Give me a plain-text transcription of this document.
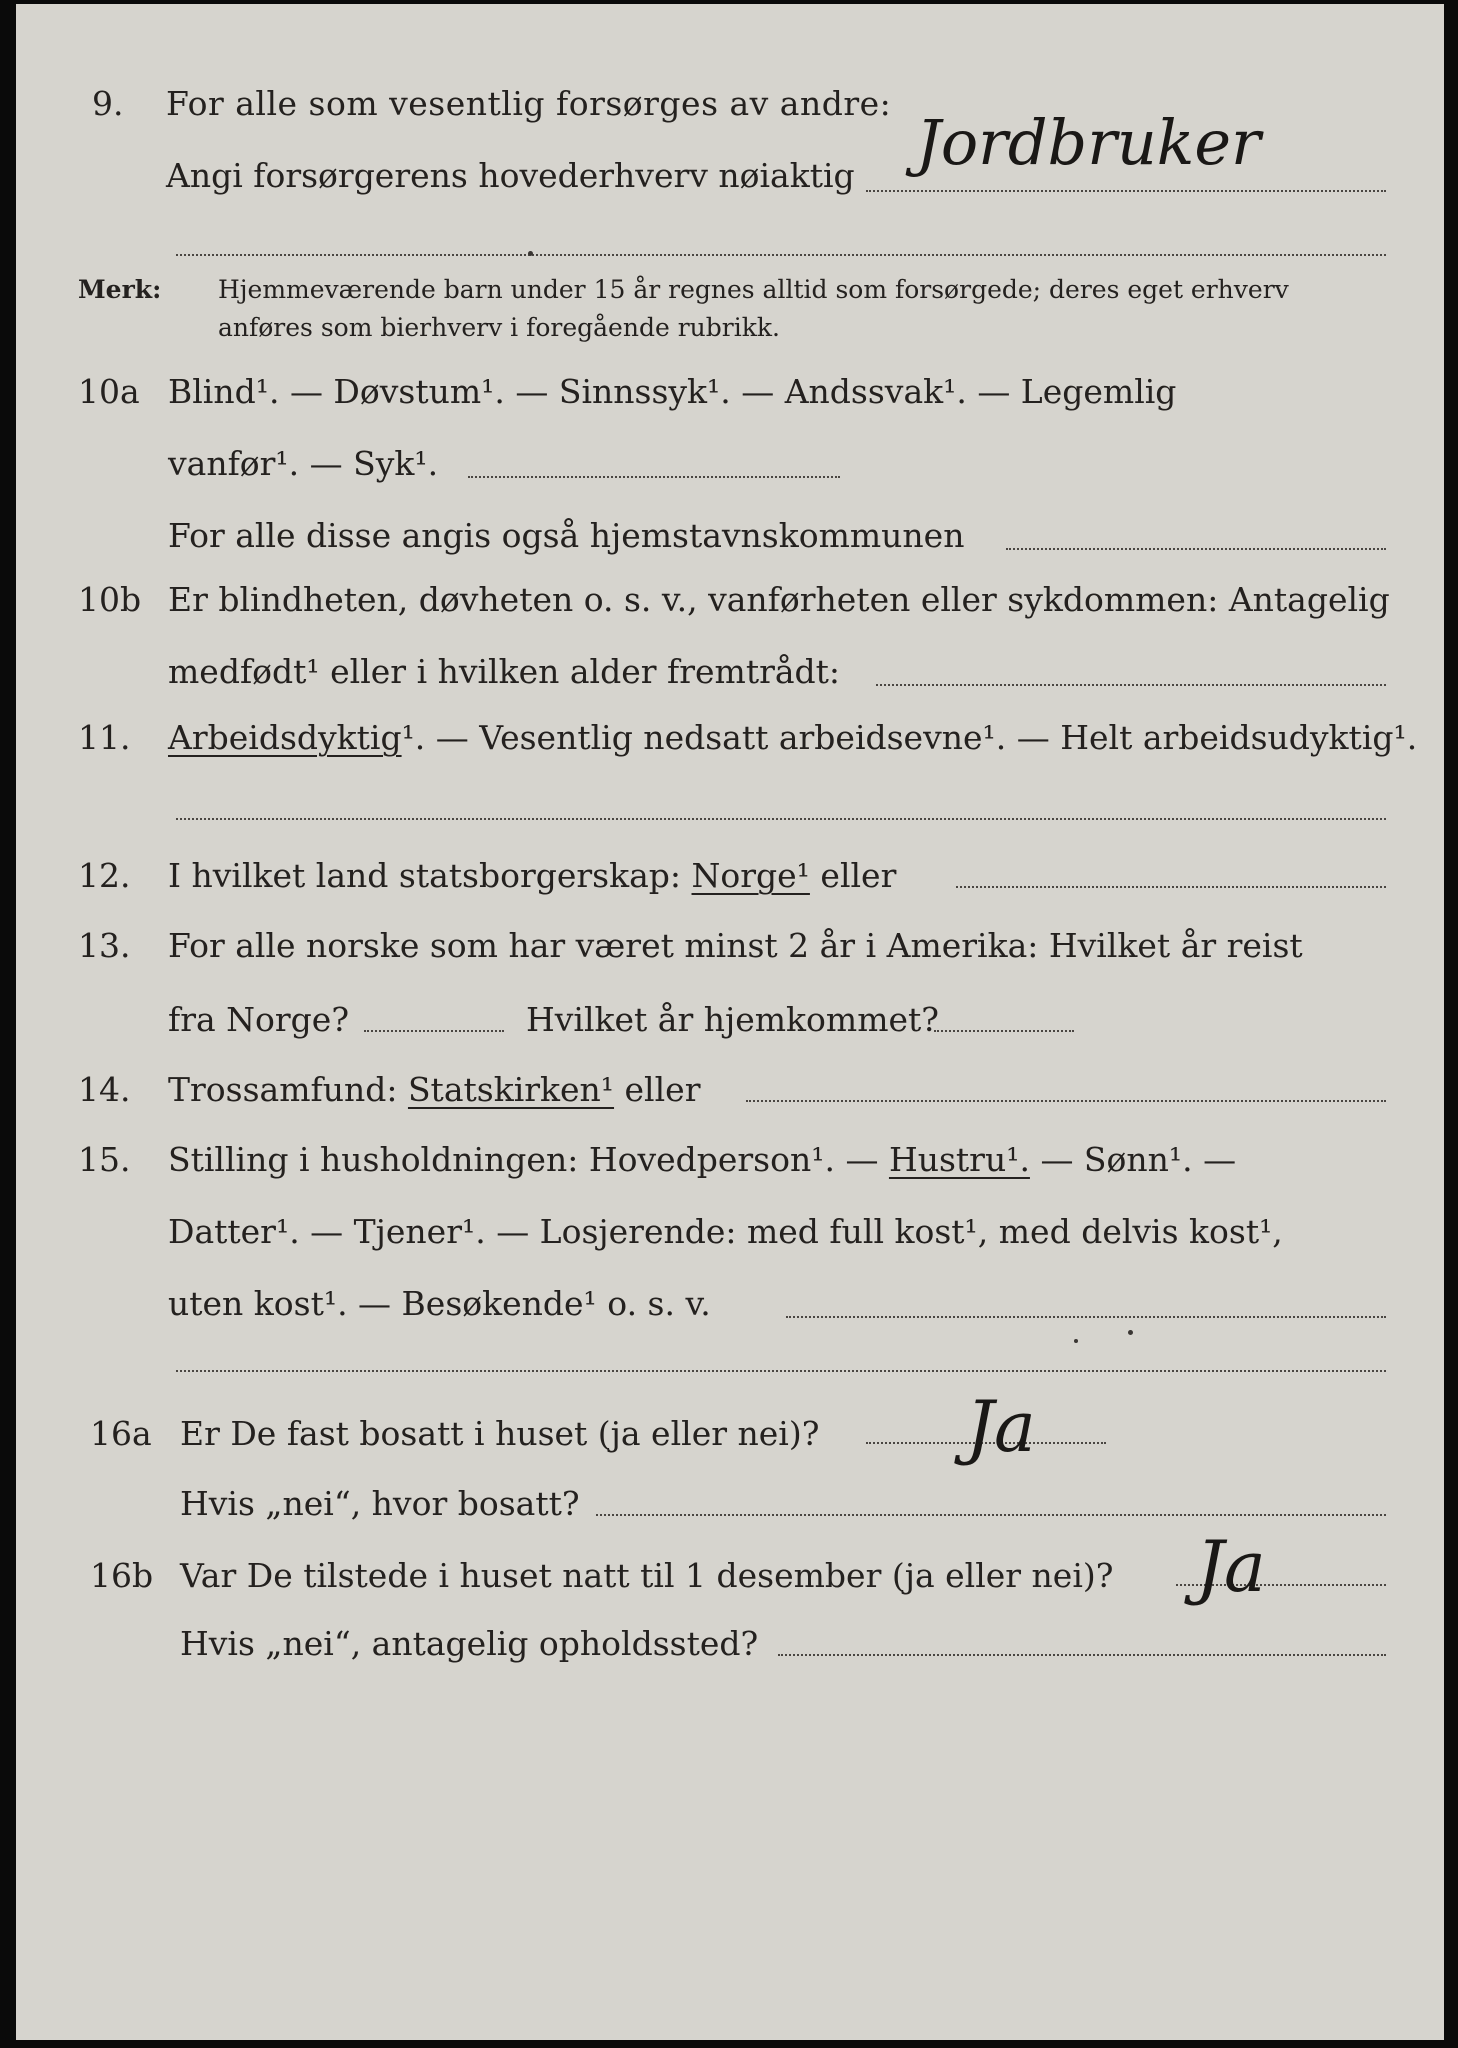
9. For alle som vesentlig forsørges av andre:
Angi forsørgerens hovederhverv nøiaktig Jordbruker
Merk: Hjemmeværende barn under 15 år regnes alltid som forsørgede; deres eget erhverv
anføres som bierhverv i foregående rubrikk.
10a Blind¹. — Døvstum¹. — Sinnssyk¹. — Andssvak¹. — Legemlig
vanfør¹. — Syk¹.
For alle disse angis også hjemstavnskommunen
10b Er blindheten, døvheten o. s. v., vanførheten eller sykdommen: Antagelig
medfødt¹ eller i hvilken alder fremtrådt:
11. Arbeidsdyktig¹. — Vesentlig nedsatt arbeidsevne¹. — Helt arbeidsudyktig¹.
12. I hvilket land statsborgerskap: Norge¹ eller
13. For alle norske som har været minst 2 år i Amerika: Hvilket år reist
fra Norge?	Hvilket år hjemkommet?
14. Trossamfund: Statskirken¹ eller
15. Stilling i husholdningen: Hovedperson¹. — Hustru¹. — Sønn¹. —
Datter¹. — Tjener¹. — Losjerende: med full kost¹, med delvis kost¹,
uten kost¹. — Besøkende¹ o. s. v.
16a Er De fast bosatt i huset (ja eller nei)? Ja
Hvis „nei“, hvor bosatt?
16b Var De tilstede i huset natt til 1 desember (ja eller nei)? Ja
Hvis „nei“, antagelig opholdssted?
